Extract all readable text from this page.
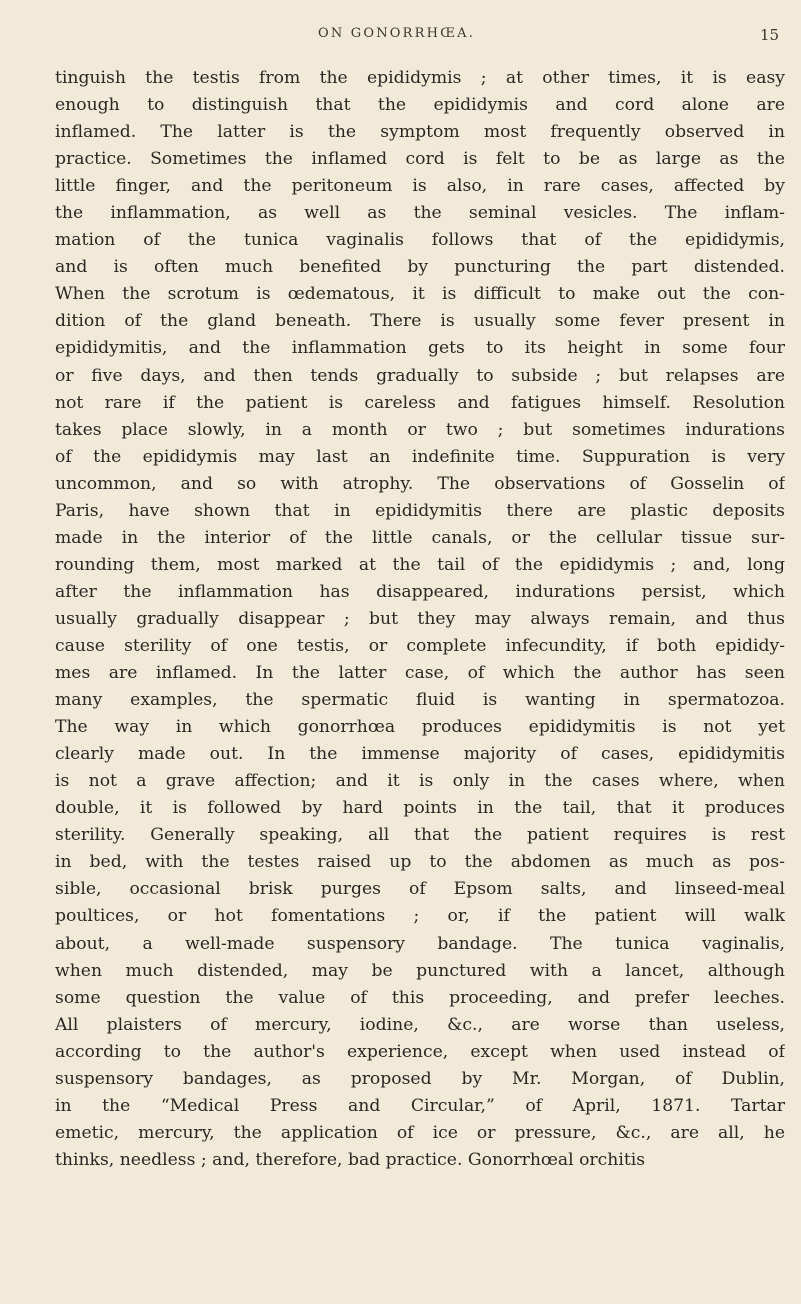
ON GONORRHŒA.	15
tinguish the testis from the epididymis ; at other times, it is easy
enough to distinguish that the epididymis and cord alone are
inflamed. The latter is the symptom most frequently observed in
practice. Sometimes the inflamed cord is felt to be as large as the
little finger, and the peritoneum is also, in rare cases, affected by
the inflammation, as well as the seminal vesicles. The inflam-
mation of the tunica vaginalis follows that of the epididymis,
and is often much benefited by puncturing the part distended.
When the scrotum is œdematous, it is difficult to make out the con-
dition of the gland beneath. There is usually some fever present in
epididymitis, and the inflammation gets to its height in some four
or five days, and then tends gradually to subside ; but relapses are
not rare if the patient is careless and fatigues himself. Resolution
takes place slowly, in a month or two ; but sometimes indurations
of the epididymis may last an indefinite time. Suppuration is very
uncommon, and so with atrophy. The observations of Gosselin of
Paris, have shown that in epididymitis there are plastic deposits
made in the interior of the little canals, or the cellular tissue sur-
rounding them, most marked at the tail of the epididymis ; and, long
after the inflammation has disappeared, indurations persist, which
usually gradually disappear ; but they may always remain, and thus
cause sterility of one testis, or complete infecundity, if both epididy-
mes are inflamed. In the latter case, of which the author has seen
many examples, the spermatic fluid is wanting in spermatozoa.
The way in which gonorrhœa produces epididymitis is not yet
clearly made out. In the immense majority of cases, epididymitis
is not a grave affection; and it is only in the cases where, when
double, it is followed by hard points in the tail, that it produces
sterility. Generally speaking, all that the patient requires is rest
in bed, with the testes raised up to the abdomen as much as pos-
sible, occasional brisk purges of Epsom salts, and linseed-meal
poultices, or hot fomentations ; or, if the patient will walk
about, a well-made suspensory bandage. The tunica vaginalis,
when much distended, may be punctured with a lancet, although
some question the value of this proceeding, and prefer leeches.
All plaisters of mercury, iodine, &c., are worse than useless,
according to the author's experience, except when used instead of
suspensory bandages, as proposed by Mr. Morgan, of Dublin,
in the “Medical Press and Circular,” of April, 1871. Tartar
emetic, mercury, the application of ice or pressure, &c., are all, he
thinks, needless ; and, therefore, bad practice. Gonorrhœal orchitis
